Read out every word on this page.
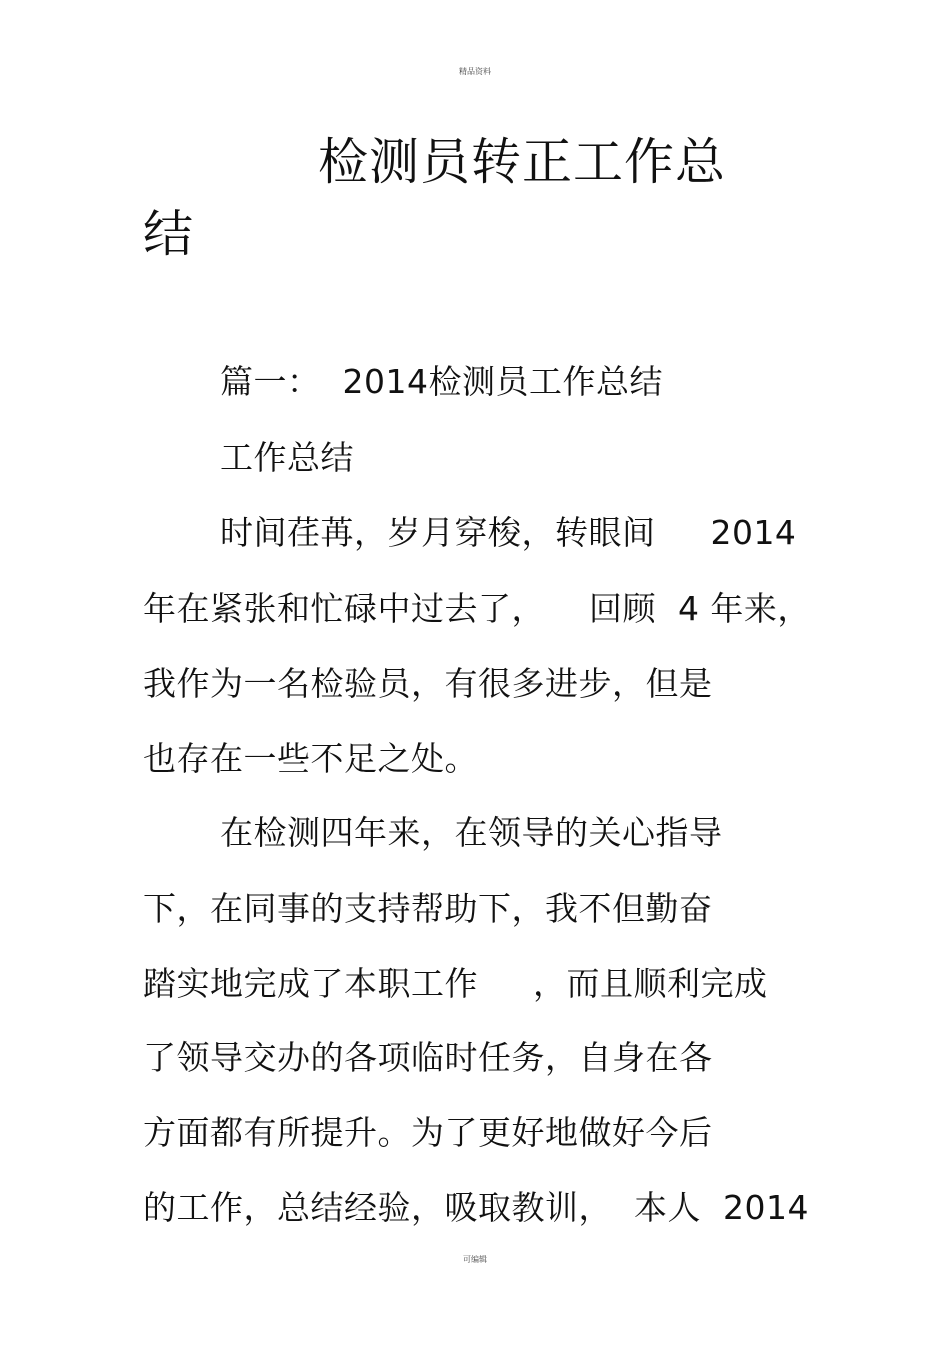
精品资料
检测员转正工作总
结
篇一：  2014检测员工作总结
工作总结
时间荏苒，岁月穿梭，转眼间     2014
年在紧张和忙碌中过去了，    回顾  4 年来，
我作为一名检验员，有很多进步，但是
也存在一些不足之处。
在检测四年来，在领导的关心指导
下，在同事的支持帮助下，我不但勤奋
踏实地完成了本职工作     ，而且顺利完成
了领导交办的各项临时任务，自身在各
方面都有所提升。为了更好地做好今后
的工作，总结经验，吸取教训，  本人  2014
可编辑
